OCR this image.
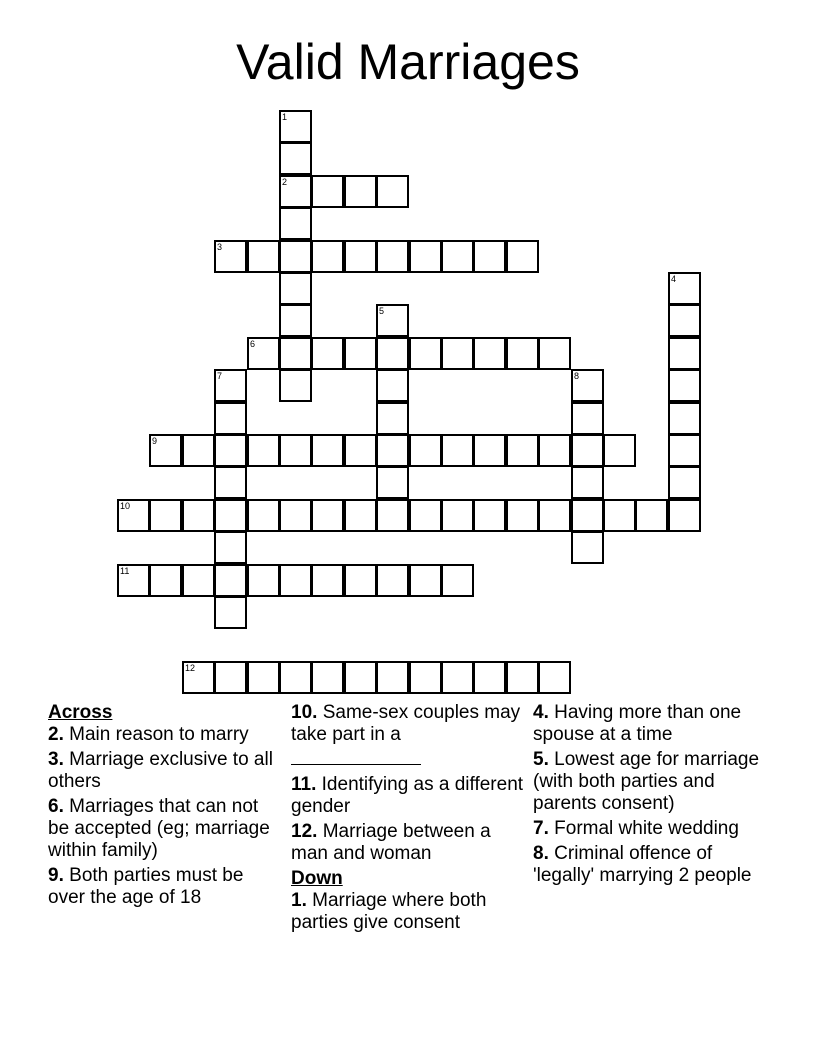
Valid Marriages
1
2
3
4
5
6
7	8
9
10
11
12
Across
2. Main reason to marry
3. Marriage exclusive to all others
6. Marriages that can not be accepted (eg; marriage within family)
9. Both parties must be over the age of 18
10. Same-sex couples may take part in a

11. Identifying as a different gender
12. Marriage between a man and woman
Down
1. Marriage where both parties give consent
4. Having more than one spouse at a time
5. Lowest age for marriage (with both parties and parents consent)
7. Formal white wedding
8. Criminal offence of 'legally' marrying 2 people
